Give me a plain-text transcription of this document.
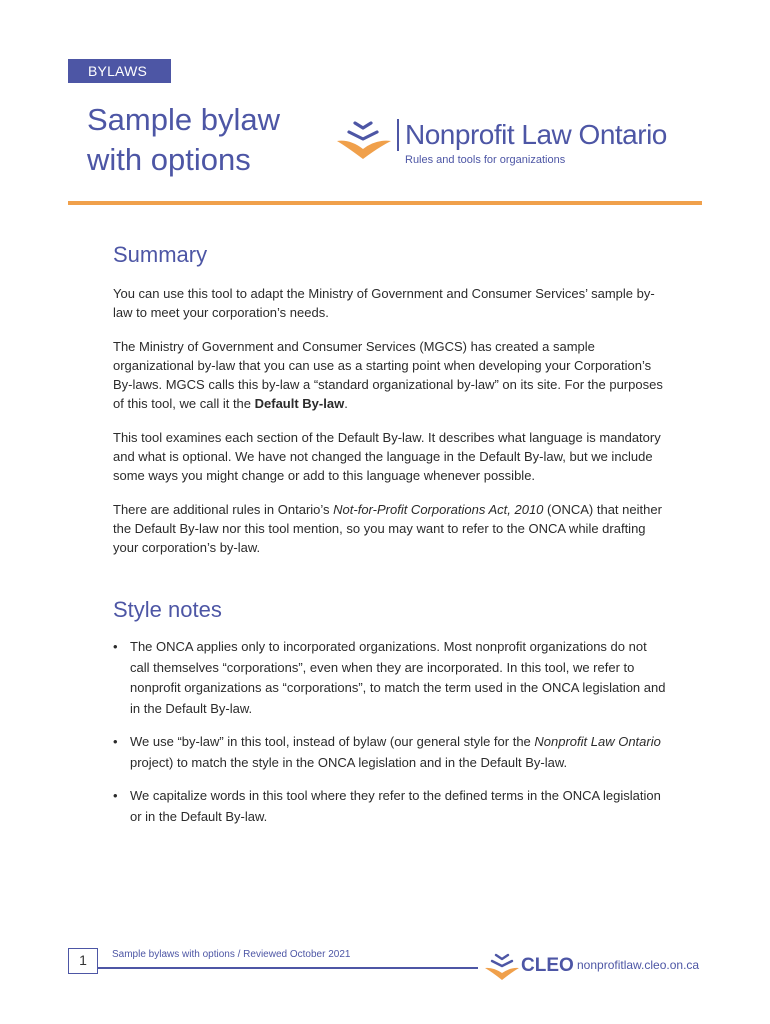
BYLAWS
Sample bylaw with options
Nonprofit Law Ontario
Rules and tools for organizations
Summary

You can use this tool to adapt the Ministry of Government and Consumer Services’ sample by-law to meet your corporation’s needs.

The Ministry of Government and Consumer Services (MGCS) has created a sample organizational by-law that you can use as a starting point when developing your Corporation’s By-laws. MGCS calls this by-law a “standard organizational by-law” on its site. For the purposes of this tool, we call it the Default By-law.

This tool examines each section of the Default By-law. It describes what language is mandatory and what is optional. We have not changed the language in the Default By-law, but we include some ways you might change or add to this language whenever possible.

There are additional rules in Ontario’s Not-for-Profit Corporations Act, 2010 (ONCA) that neither the Default By-law nor this tool mention, so you may want to refer to the ONCA while drafting your corporation’s by-law.

Style notes
• The ONCA applies only to incorporated organizations. Most nonprofit organizations do not call themselves “corporations”, even when they are incorporated. In this tool, we refer to nonprofit organizations as “corporations”, to match the term used in the ONCA legislation and in the Default By-law.
• We use “by-law” in this tool, instead of bylaw (our general style for the Nonprofit Law Ontario project) to match the style in the ONCA legislation and in the Default By-law.
• We capitalize words in this tool where they refer to the defined terms in the ONCA legislation or in the Default By-law.
1	Sample bylaws with options / Reviewed October 2021
CLEO nonprofitlaw.cleo.on.ca
